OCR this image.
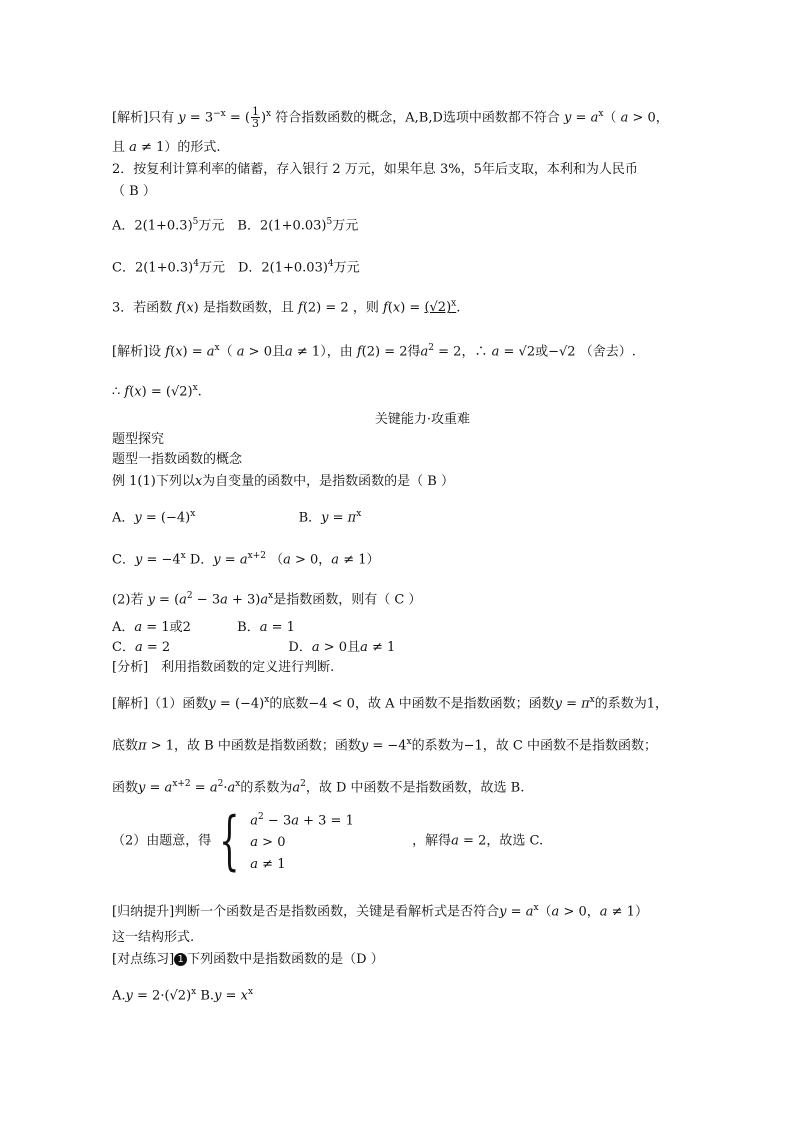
[解析]只有 $y = 3^{-x}$ = ( $\frac{1}{3} )^x$ 符合指数函数的概念，A,B,D选项中函数都不符合 $y = a^x$（ a > 0，
且 a ≠ 1）的形式.
2．按复利计算利率的储蓄，存入银行 2 万元，如果年息 3%，5年后支取，本利和为人民币
（ B ）
A．$2(1+0.3)^5$万元　B．$2(1+0.03)^5$万元
C．$2(1+0.3)^4$万元　D．$2(1+0.03)^4$万元
3．若函数 f(x) 是指数函数，且 f(2) = 2 ，则 $f(x) = (√2)^x$.
[解析]设 $f(x) = a^x$（ a > 0且a ≠ 1），由 f(2) = 2得$a^2 = 2$，∴ a = √2或−√2 （舍去）.
∴ $f(x) = (√2)^x$.
关键能力·攻重难
题型探究
题型一指数函数的概念
例 1(1)下列以x为自变量的函数中，是指数函数的是（ B ）
A．$y = (-4)^x$	B．$y = \pi^x$
C．$y = -4^x$ D．$y = a^{x+2}$ （a > 0，a ≠ 1）
(2)若 $y = (a^2 - 3a + 3)a^x$是指数函数，则有（ C ）
A．a = 1或2	B．a = 1
C．a = 2	D．a > 0且a ≠ 1
[分析]　利用指数函数的定义进行判断.
[解析]（1）函数$y = (-4)^x$的底数−4 < 0，故 A 中函数不是指数函数；函数$y = \pi^x$的系数为1，
底数π > 1，故 B 中函数是指数函数；函数$y = -4^x$的系数为−1，故 C 中函数不是指数函数；
函数$y = a^{x+2} = a^2\cdot a^x$的系数为$a^2$，故 D 中函数不是指数函数，故选 B.
（2）由题意，得 { $a^2 - 3a + 3 = 1$
a > 0
a ≠ 1
，解得a = 2，故选 C.
[归纳提升]判断一个函数是否是指数函数，关键是看解析式是否符合$y = a^x(a > 0$，a ≠ 1）
这一结构形式.
[对点练习] 1 下列函数中是指数函数的是（D ）
$A.y = 2\cdot(√2)^x$ $B.y = x^x$
